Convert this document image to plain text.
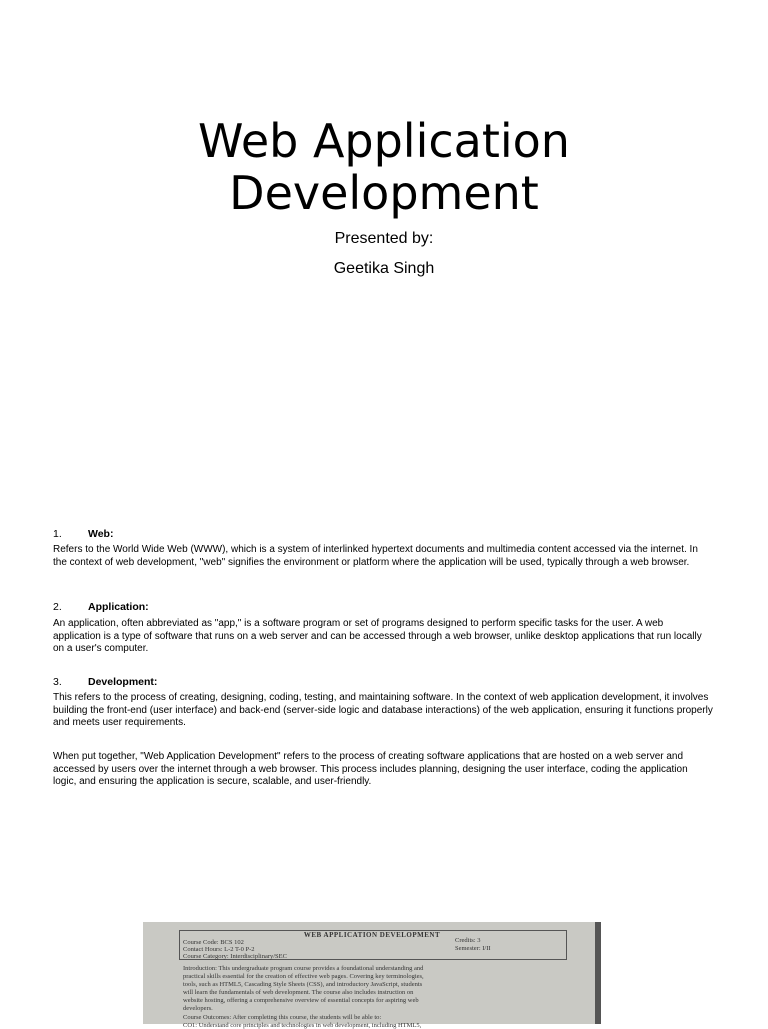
Web Application
Development
Presented by:
Geetika Singh
1. Web:

Refers to the World Wide Web (WWW), which is a system of interlinked hypertext documents and multimedia content accessed via the internet. In the context of web development, "web" signifies the environment or platform where the application will be used, typically through a web browser.

2. Application:

An application, often abbreviated as "app," is a software program or set of programs designed to perform specific tasks for the user. A web application is a type of software that runs on a web server and can be accessed through a web browser, unlike desktop applications that run locally on a user's computer.

3. Development:

This refers to the process of creating, designing, coding, testing, and maintaining software. In the context of web application development, it involves building the front-end (user interface) and back-end (server-side logic and database interactions) of the web application, ensuring it functions properly and meets user requirements.

When put together, "Web Application Development" refers to the process of creating software applications that are hosted on a web server and accessed by users over the internet through a web browser. This process includes planning, designing the user interface, coding the application logic, and ensuring the application is secure, scalable, and user-friendly.

WEB APPLICATION DEVELOPMENT
Course Code: BCS 102
Contact Hours: L-2 T-0 P-2
Course Category: Interdisciplinary/SEC
Credits: 3
Semester: I/II
Introduction: This undergraduate program course provides a foundational understanding and
practical skills essential for the creation of effective web pages. Covering key terminologies,
tools, such as HTML5, Cascading Style Sheets (CSS), and introductory JavaScript, students
will learn the fundamentals of web development. The course also includes instruction on
website hosting, offering a comprehensive overview of essential concepts for aspiring web
developers.
Course Outcomes: After completing this course, the students will be able to:
CO1: Understand core principles and technologies in web development, including HTML5,
